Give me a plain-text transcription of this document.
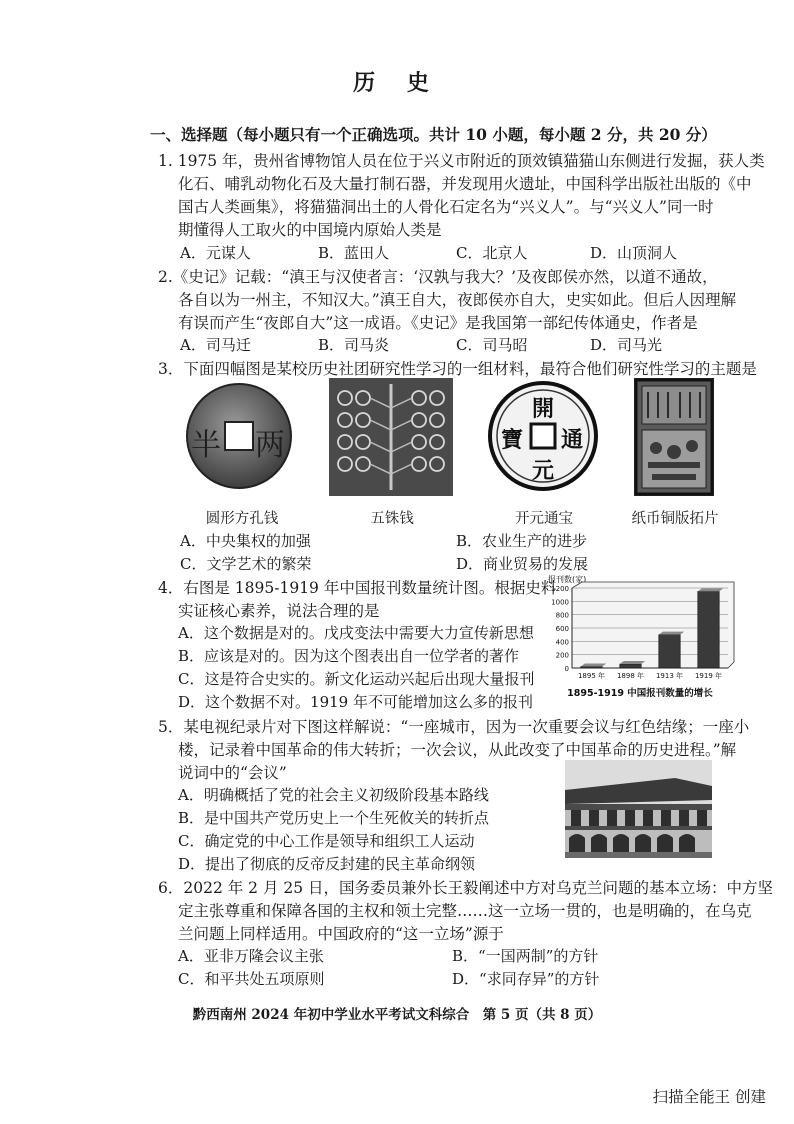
历 史
一、选择题（每小题只有一个正确选项。共计 10 小题，每小题 2 分，共 20 分）
1. 1975 年，贵州省博物馆人员在位于兴义市附近的顶效镇猫猫山东侧进行发掘，获人类
化石、哺乳动物化石及大量打制石器，并发现用火遗址，中国科学出版社出版的《中
国古人类画集》，将猫猫洞出土的人骨化石定名为“兴义人”。与“兴义人”同一时
期懂得人工取火的中国境内原始人类是
A．元谋人	B．蓝田人	C．北京人	D．山顶洞人
2.《史记》记载：“滇王与汉使者言：‘汉孰与我大？’及夜郎侯亦然，以道不通故，
各自以为一州主，不知汉大。”滇王自大，夜郎侯亦自大，史实如此。但后人因理解
有误而产生“夜郎自大”这一成语。《史记》是我国第一部纪传体通史，作者是
A．司马迁	B．司马炎	C．司马昭	D．司马光
3．下面四幅图是某校历史社团研究性学习的一组材料，最符合他们研究性学习的主题是
半 两
開
元
通
寶
圆形方孔钱	五铢钱	开元通宝	纸币铜版拓片
A．中央集权的加强	B．农业生产的进步
C．文学艺术的繁荣	D．商业贸易的发展
4．右图是 1895-1919 年中国报刊数量统计图。根据史料
实证核心素养，说法合理的是
A．这个数据是对的。戊戌变法中需要大力宣传新思想
B．应该是对的。因为这个图表出自一位学者的著作
C．这是符合史实的。新文化运动兴起后出现大量报刊
D．这个数据不对。1919 年不可能增加这么多的报刊
报刊数(家)
0
200
400
600
800
1000
1200
1895 年 1898 年 1913 年 1919 年
1895-1919 中国报刊数量的增长
5．某电视纪录片对下图这样解说：“一座城市，因为一次重要会议与红色结缘；一座小
楼，记录着中国革命的伟大转折；一次会议，从此改变了中国革命的历史进程。”解
说词中的“会议”
A．明确概括了党的社会主义初级阶段基本路线
B．是中国共产党历史上一个生死攸关的转折点
C．确定党的中心工作是领导和组织工人运动
D．提出了彻底的反帝反封建的民主革命纲领
6．2022 年 2 月 25 日，国务委员兼外长王毅阐述中方对乌克兰问题的基本立场：中方坚
定主张尊重和保障各国的主权和领土完整……这一立场一贯的，也是明确的，在乌克
兰问题上同样适用。中国政府的“这一立场”源于
A．亚非万隆会议主张	B．“一国两制”的方针
C．和平共处五项原则	D．“求同存异”的方针
黔西南州 2024 年初中学业水平考试文科综合　第 5 页（共 8 页）
扫描全能王 创建
